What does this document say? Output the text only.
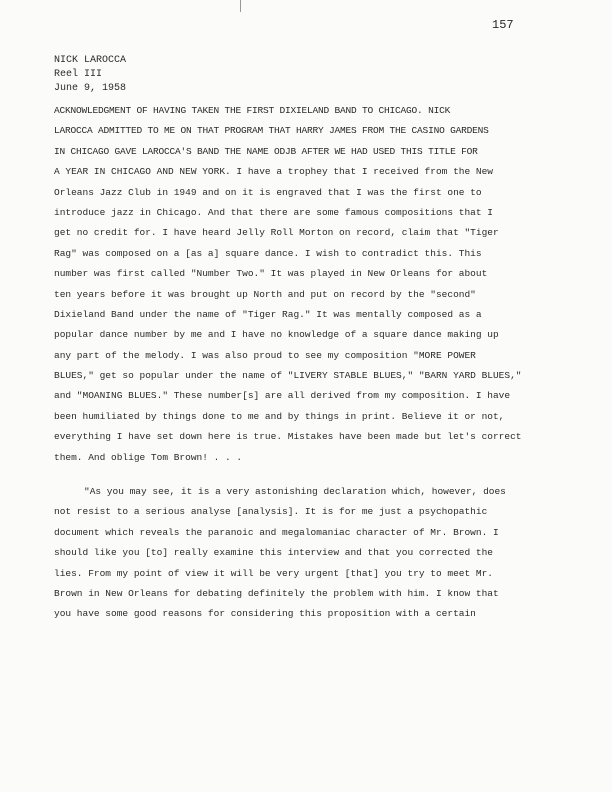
157
NICK LAROCCA
Reel III
June 9, 1958
ACKNOWLEDGMENT OF HAVING TAKEN THE FIRST DIXIELAND BAND TO CHICAGO. NICK
LAROCCA ADMITTED TO ME ON THAT PROGRAM THAT HARRY JAMES FROM THE CASINO GARDENS
IN CHICAGO GAVE LAROCCA'S BAND THE NAME ODJB AFTER WE HAD USED THIS TITLE FOR
A YEAR IN CHICAGO AND NEW YORK. I have a trophey that I received from the New
Orleans Jazz Club in 1949 and on it is engraved that I was the first one to
introduce jazz in Chicago. And that there are some famous compositions that I
get no credit for. I have heard Jelly Roll Morton on record, claim that "Tiger
Rag" was composed on a [as a] square dance. I wish to contradict this. This
number was first called "Number Two." It was played in New Orleans for about
ten years before it was brought up North and put on record by the "second"
Dixieland Band under the name of "Tiger Rag." It was mentally composed as a
popular dance number by me and I have no knowledge of a square dance making up
any part of the melody. I was also proud to see my composition "MORE POWER
BLUES," get so popular under the name of "LIVERY STABLE BLUES," "BARN YARD BLUES,"
and "MOANING BLUES." These number[s] are all derived from my composition. I have
been humiliated by things done to me and by things in print. Believe it or not,
everything I have set down here is true. Mistakes have been made but let's correct
them. And oblige Tom Brown! . . .
"As you may see, it is a very astonishing declaration which, however, does
not resist to a serious analyse [analysis]. It is for me just a psychopathic
document which reveals the paranoic and megalomaniac character of Mr. Brown. I
should like you [to] really examine this interview and that you corrected the
lies. From my point of view it will be very urgent [that] you try to meet Mr.
Brown in New Orleans for debating definitely the problem with him. I know that
you have some good reasons for considering this proposition with a certain
